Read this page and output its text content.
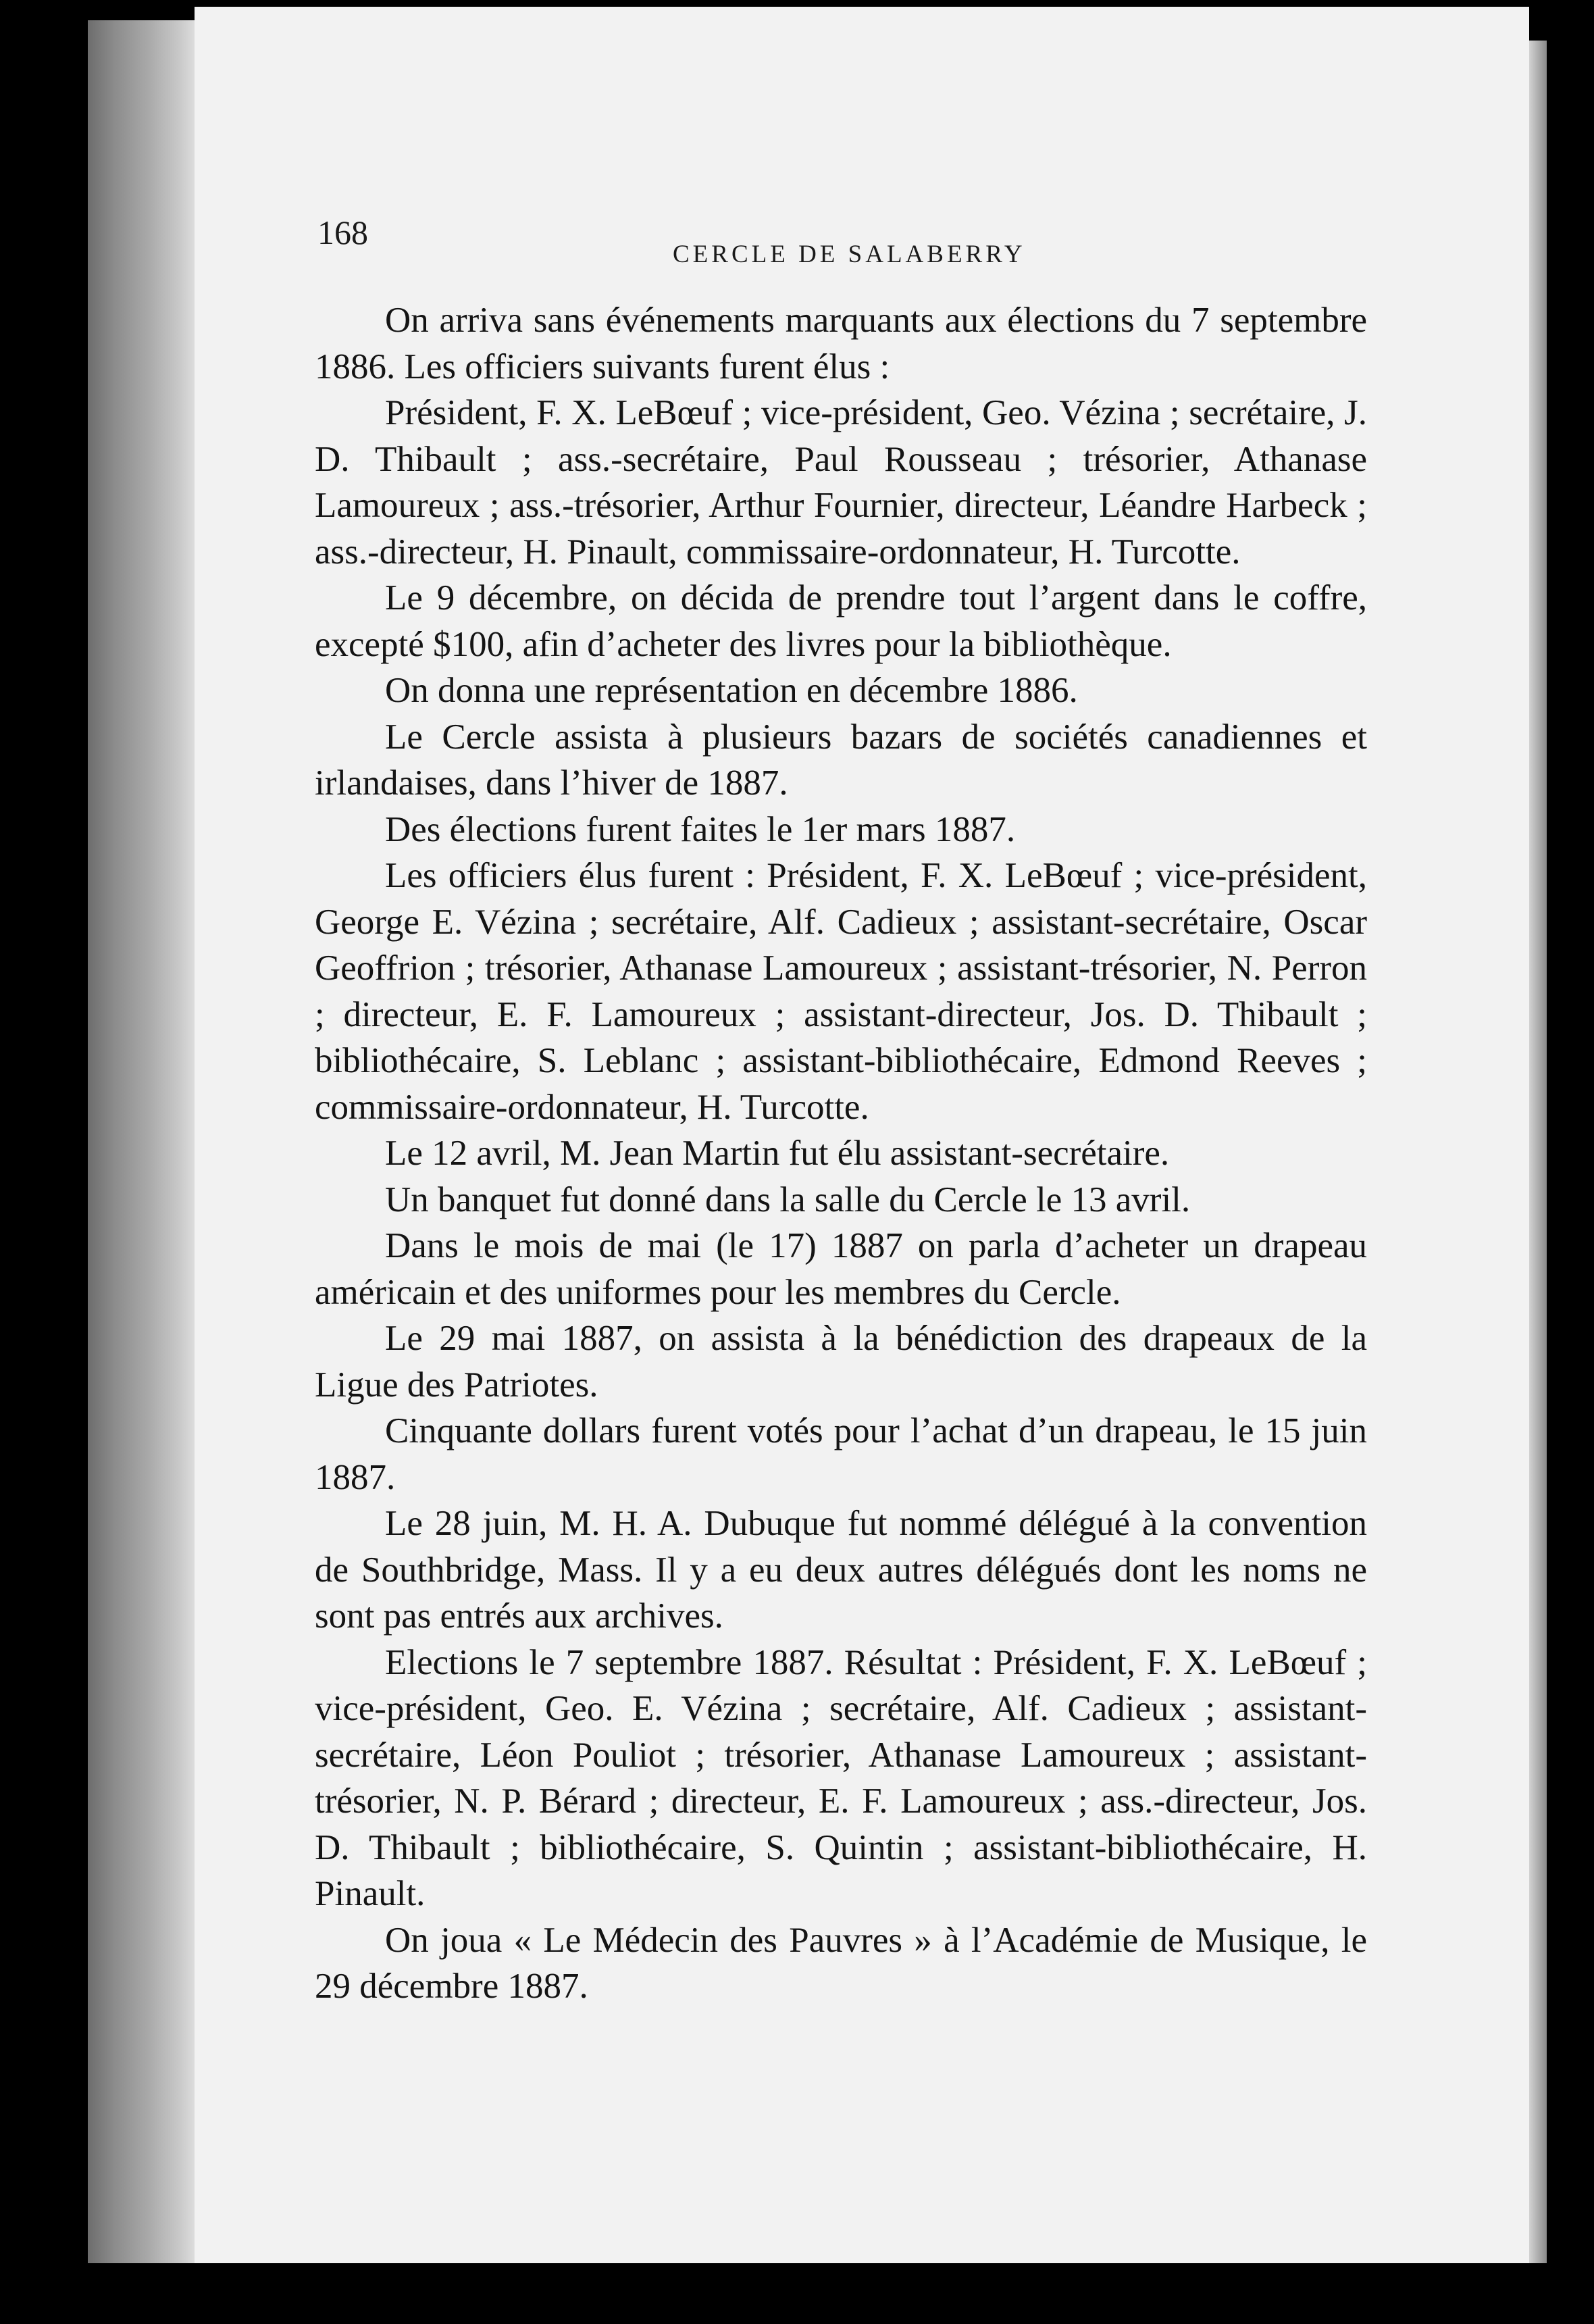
168
CERCLE DE SALABERRY

On arriva sans événements marquants aux élections du 7 septembre 1886. Les officiers suivants furent élus :

Président, F. X. LeBœuf ; vice-président, Geo. Vézina ; secrétaire, J. D. Thibault ; ass.-secrétaire, Paul Rousseau ; trésorier, Athanase Lamoureux ; ass.-trésorier, Arthur Fournier, directeur, Léandre Harbeck ; ass.-directeur, H. Pinault, commissaire-ordonnateur, H. Turcotte.

Le 9 décembre, on décida de prendre tout l’argent dans le coffre, excepté $100, afin d’acheter des livres pour la bibliothèque.

On donna une représentation en décembre 1886.

Le Cercle assista à plusieurs bazars de sociétés canadiennes et irlandaises, dans l’hiver de 1887.

Des élections furent faites le 1er mars 1887.

Les officiers élus furent : Président, F. X. LeBœuf ; vice-président, George E. Vézina ; secrétaire, Alf. Cadieux ; assistant-secrétaire, Oscar Geoffrion ; trésorier, Athanase Lamoureux ; assistant-trésorier, N. Perron ; directeur, E. F. Lamoureux ; assistant-directeur, Jos. D. Thibault ; bibliothécaire, S. Leblanc ; assistant-bibliothécaire, Edmond Reeves ; commissaire-ordonnateur, H. Turcotte.

Le 12 avril, M. Jean Martin fut élu assistant-secrétaire.

Un banquet fut donné dans la salle du Cercle le 13 avril.

Dans le mois de mai (le 17) 1887 on parla d’acheter un drapeau américain et des uniformes pour les membres du Cercle.

Le 29 mai 1887, on assista à la bénédiction des drapeaux de la Ligue des Patriotes.

Cinquante dollars furent votés pour l’achat d’un drapeau, le 15 juin 1887.

Le 28 juin, M. H. A. Dubuque fut nommé délégué à la convention de Southbridge, Mass. Il y a eu deux autres délégués dont les noms ne sont pas entrés aux archives.

Elections le 7 septembre 1887. Résultat : Président, F. X. LeBœuf ; vice-président, Geo. E. Vézina ; secrétaire, Alf. Cadieux ; assistant-secrétaire, Léon Pouliot ; trésorier, Athanase Lamoureux ; assistant-trésorier, N. P. Bérard ; directeur, E. F. Lamoureux ; ass.-directeur, Jos. D. Thibault ; bibliothécaire, S. Quintin ; assistant-bibliothécaire, H. Pinault.

On joua « Le Médecin des Pauvres » à l’Académie de Musique, le 29 décembre 1887.
